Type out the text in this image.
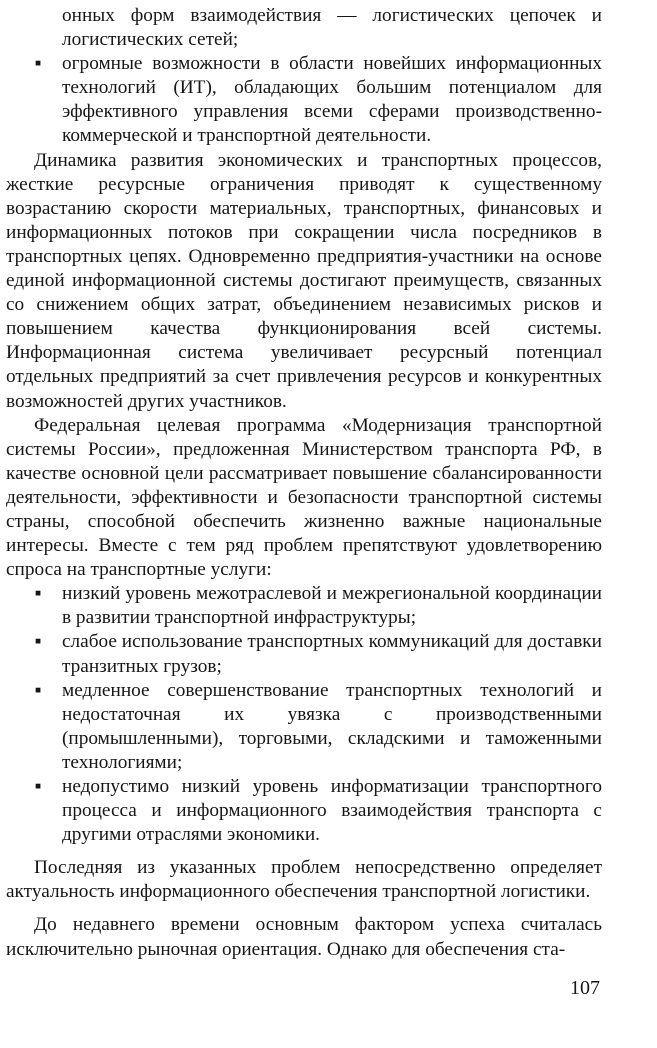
онных форм взаимодействия — логистических цепочек и логистических сетей;
▪ огромные возможности в области новейших информационных технологий (ИТ), обладающих большим потенциалом для эффективного управления всеми сферами производственно-коммерческой и транспортной деятельности.

Динамика развития экономических и транспортных процессов, жесткие ресурсные ограничения приводят к существенному возрастанию скорости материальных, транспортных, финансовых и информационных потоков при сокращении числа посредников в транспортных цепях. Одновременно предприятия-участники на основе единой информационной системы достигают преимуществ, связанных со снижением общих затрат, объединением независимых рисков и повышением качества функционирования всей системы. Информационная система увеличивает ресурсный потенциал отдельных предприятий за счет привлечения ресурсов и конкурентных возможностей других участников.

Федеральная целевая программа «Модернизация транспортной системы России», предложенная Министерством транспорта РФ, в качестве основной цели рассматривает повышение сбалансированности деятельности, эффективности и безопасности транспортной системы страны, способной обеспечить жизненно важные национальные интересы. Вместе с тем ряд проблем препятствуют удовлетворению спроса на транспортные услуги:

▪ низкий уровень межотраслевой и межрегиональной координации в развитии транспортной инфраструктуры;
▪ слабое использование транспортных коммуникаций для доставки транзитных грузов;
▪ медленное совершенствование транспортных технологий и недостаточная их увязка с производственными (промышленными), торговыми, складскими и таможенными технологиями;
▪ недопустимо низкий уровень информатизации транспортного процесса и информационного взаимодействия транспорта с другими отраслями экономики.

Последняя из указанных проблем непосредственно определяет актуальность информационного обеспечения транспортной логистики.

До недавнего времени основным фактором успеха считалась исключительно рыночная ориентация. Однако для обеспечения ста-

107
